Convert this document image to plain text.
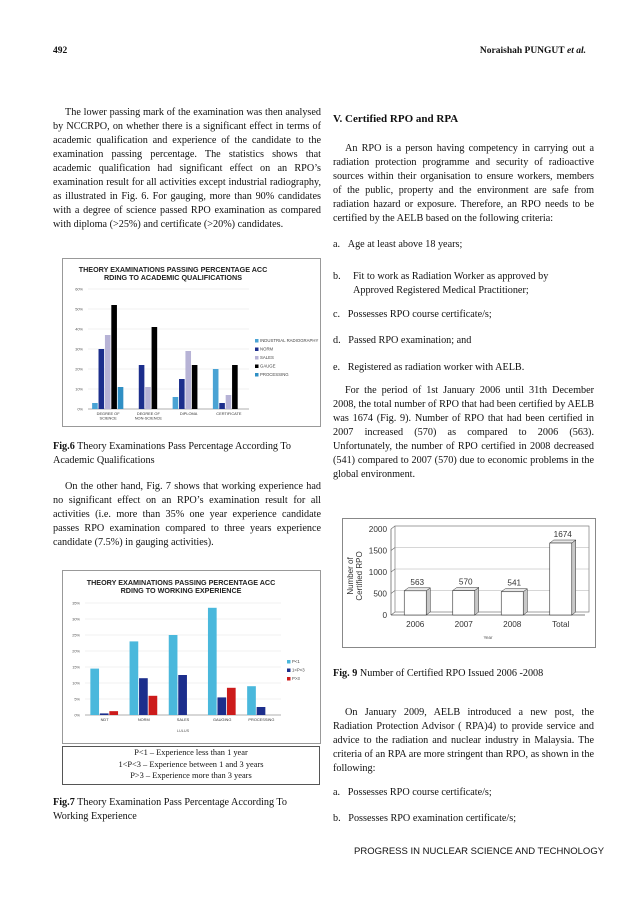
492	Noraishah PUNGUT et al.

The lower passing mark of the examination was then analysed by NCCRPO, on whether there is a significant effect in terms of academic qualification and experience of the candidate to the examination passing percentage. The statistics shows that academic qualification had significant effect on an RPO’s examination result for all activities except industrial radiography, as illustrated in Fig. 6. For gauging, more than 90% candidates with a degree of science passed RPO examination as compared with diploma (>25%) and certificate (>20%) candidates.

THEORY EXAMINATIONS PASSING PERCENTAGE ACC
RDING TO ACADEMIC QUALIFICATIONS
0%
10%
20%
30%
40%
50%
60%
DEGREE OF
SCIENCE
DEGREE OF
NON-SCIENCE
DIPLOMA	CERTIFICATE
INDUSTRIAL RADIOGRAPHY
NORM
SALES
GAUGE
PROCESSING
Fig.6 Theory Examinations Pass Percentage According To Academic Qualifications

On the other hand, Fig. 7 shows that working experience had no significant effect on an RPO’s examination result for all activities (i.e. more than 35% one year experience candidate passes RPO examination compared to three years experience candidate (7.5%) in gauging activities).

THEORY EXAMINATIONS PASSING PERCENTAGE ACC
RDING TO WORKING EXPERIENCE
0%
5%
10%
15%
20%
25%
30%
35%
NDT	NORM	SALES	GAUGING	PROCESSING
P<1
1<P<3
P>3
LULUS
P<1 – Experience less than 1 year
1<P<3 – Experience between 1 and 3 years
P>3 – Experience more than 3 years
Fig.7 Theory Examination Pass Percentage According To Working Experience

V. Certified RPO and RPA

An RPO is a person having competency in carrying out a radiation protection programme and security of radioactive sources within their organisation to ensure workers, members of the public, property and the environment are safe from radiation hazard or exposure. Therefore, an RPO needs to be certified by the AELB based on the following criteria:

a. Age at least above 18 years;
b. Fit to work as Radiation Worker as approved by Approved Registered Medical Practitioner;
c. Possesses RPO course certificate/s;
d. Passed RPO examination; and
e. Registered as radiation worker with AELB.

For the period of 1st January 2006 until 31th December 2008, the total number of RPO that had been certified by AELB was 1674 (Fig. 9). Number of RPO that had been certified in 2007 increased (570) as compared to 2006 (563). Unfortunately, the number of RPO certified in 2008 decreased (541) compared to 2007 (570) due to economic problems in the global environment.

0
500
1000
1500
2000
563
2006
570
2007
541
2008
1674
Total
Year
Number ofCertified RPO
Fig. 9 Number of Certified RPO Issued 2006 -2008

On January 2009, AELB introduced a new post, the Radiation Protection Advisor ( RPA)4) to provide service and advice to the radiation and nuclear industry in Malaysia. The criteria of an RPA are more stringent than RPO, as shown in the following:

a. Possesses RPO course certificate/s;
b. Possesses RPO examination certificate/s;
PROGRESS IN NUCLEAR SCIENCE AND TECHNOLOGY
